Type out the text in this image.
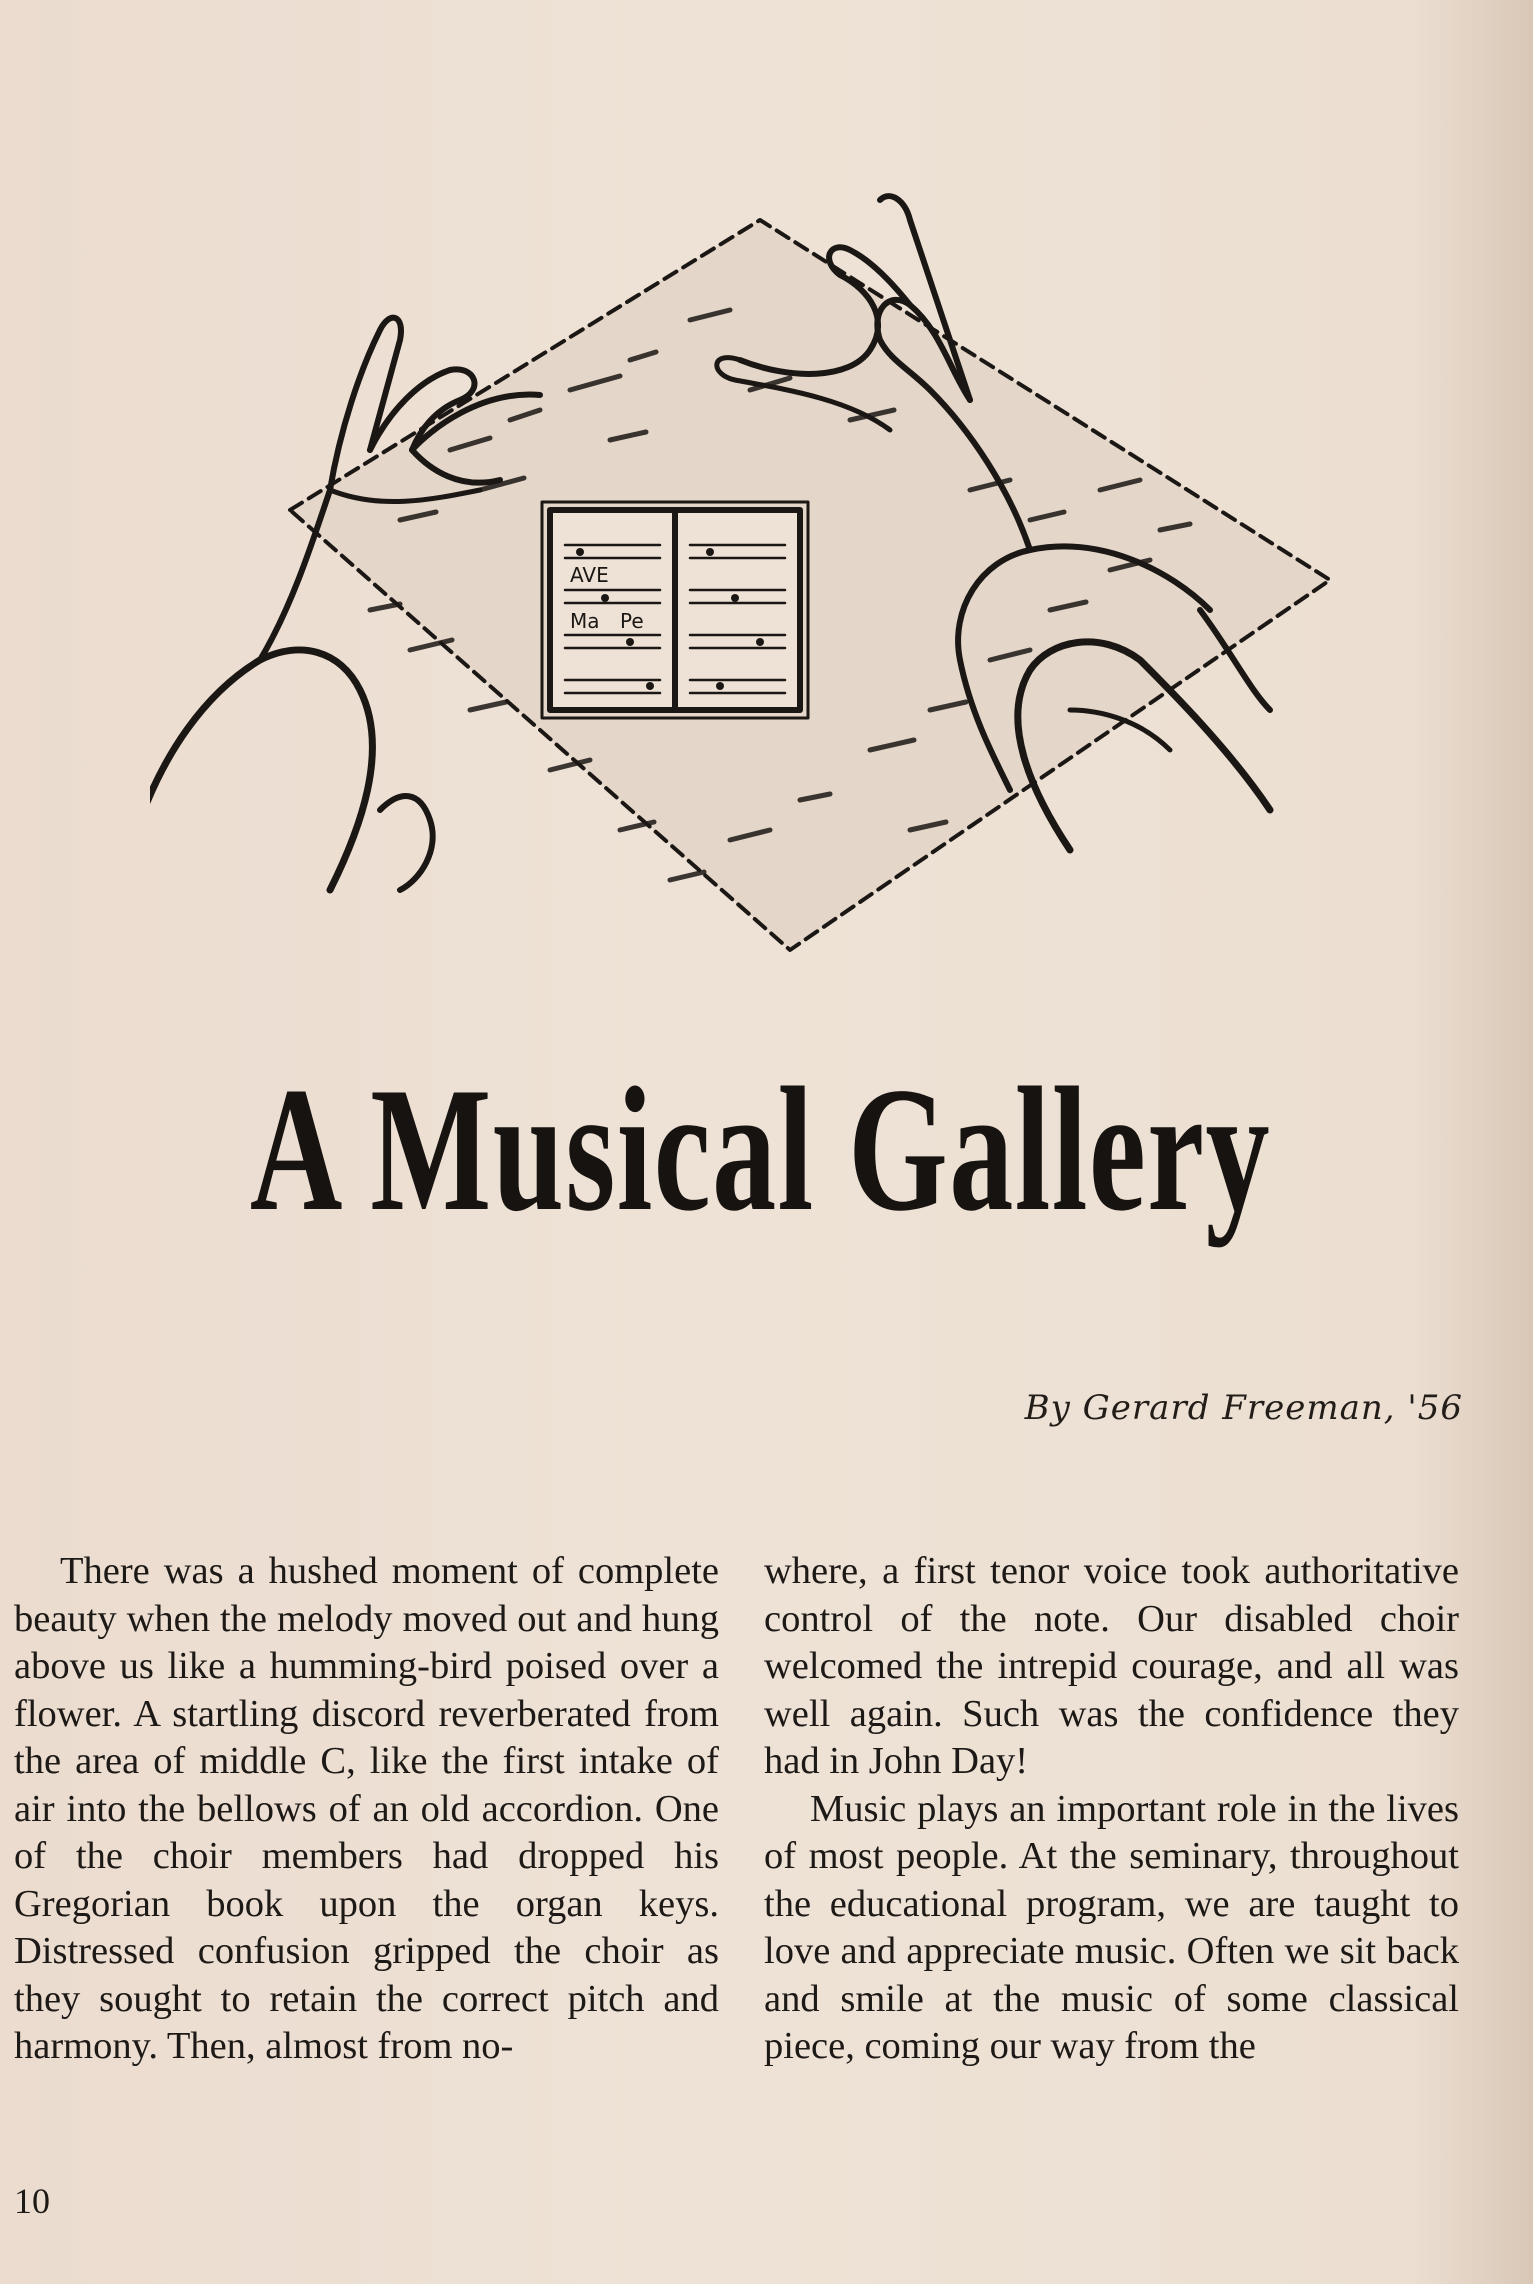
AVE
Ma Pe
A Musical Gallery
By Gerard Freeman, '56

There was a hushed moment of complete beauty when the melody moved out and hung above us like a humming-bird poised over a flower. A startling discord reverberated from the area of middle C, like the first intake of air into the bellows of an old accordion. One of the choir members had dropped his Gregorian book upon the organ keys. Distressed confusion gripped the choir as they sought to retain the correct pitch and harmony. Then, almost from no-

where, a first tenor voice took authoritative control of the note. Our disabled choir welcomed the intrepid courage, and all was well again. Such was the confidence they had in John Day!

Music plays an important role in the lives of most people. At the seminary, throughout the educational program, we are taught to love and appreciate music. Often we sit back and smile at the music of some classical piece, coming our way from the

10
